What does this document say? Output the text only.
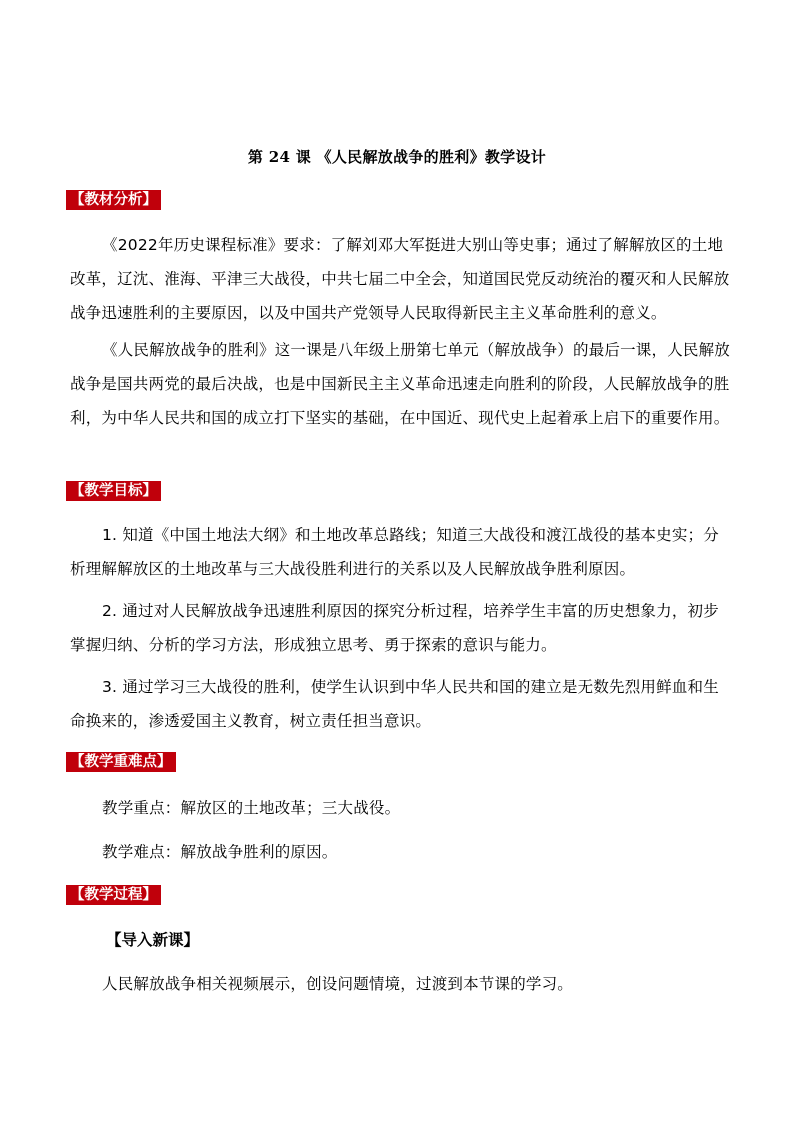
第 24 课 《人民解放战争的胜利》教学设计
【教材分析】
《2022年历史课程标准》要求：了解刘邓大军挺进大别山等史事；通过了解解放区的土地改革，辽沈、淮海、平津三大战役，中共七届二中全会，知道国民党反动统治的覆灭和人民解放战争迅速胜利的主要原因，以及中国共产党领导人民取得新民主主义革命胜利的意义。
《人民解放战争的胜利》这一课是八年级上册第七单元（解放战争）的最后一课，人民解放战争是国共两党的最后决战，也是中国新民主主义革命迅速走向胜利的阶段，人民解放战争的胜利，为中华人民共和国的成立打下坚实的基础，在中国近、现代史上起着承上启下的重要作用。
【教学目标】
1. 知道《中国土地法大纲》和土地改革总路线；知道三大战役和渡江战役的基本史实；分析理解解放区的土地改革与三大战役胜利进行的关系以及人民解放战争胜利原因。
2. 通过对人民解放战争迅速胜利原因的探究分析过程，培养学生丰富的历史想象力，初步掌握归纳、分析的学习方法，形成独立思考、勇于探索的意识与能力。
3. 通过学习三大战役的胜利，使学生认识到中华人民共和国的建立是无数先烈用鲜血和生命换来的，渗透爱国主义教育，树立责任担当意识。
【教学重难点】
教学重点：解放区的土地改革；三大战役。
教学难点：解放战争胜利的原因。
【教学过程】
【导入新课】
人民解放战争相关视频展示，创设问题情境，过渡到本节课的学习。
